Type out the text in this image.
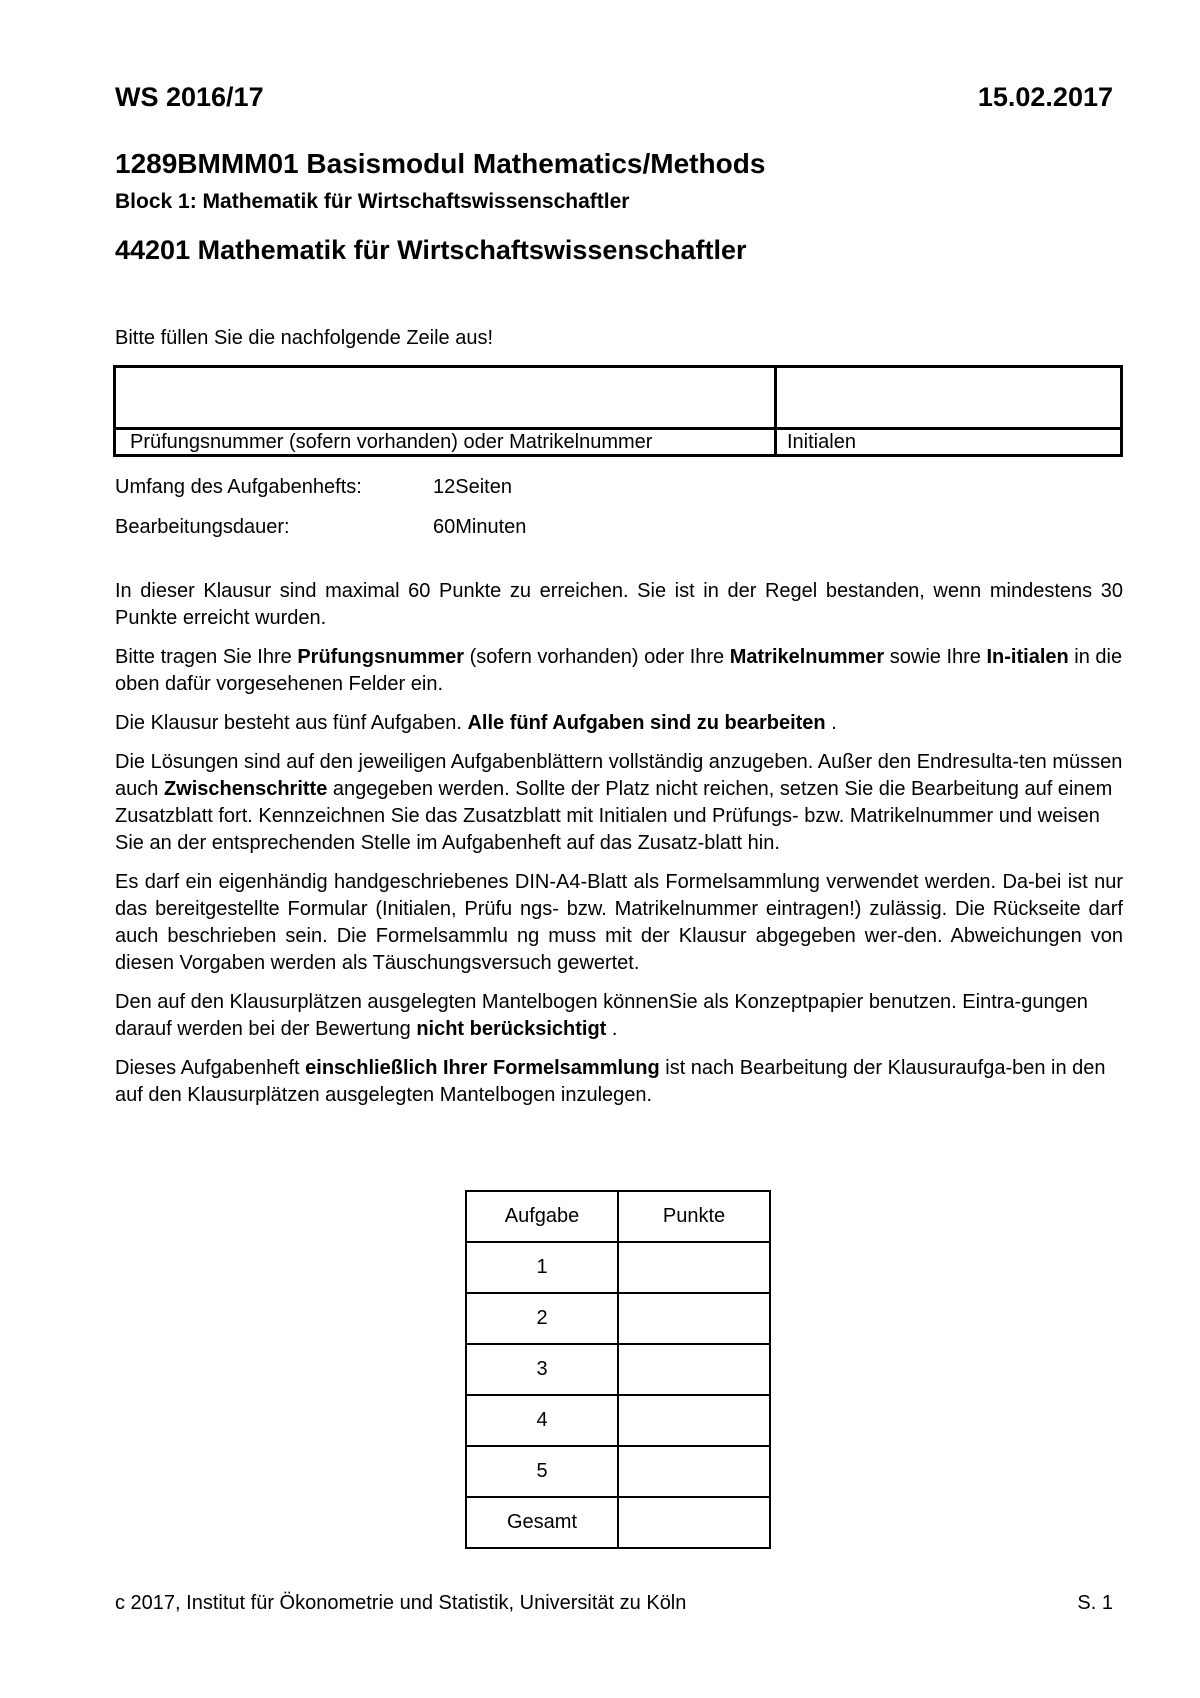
WS 2016/17	15.02.2017
1289BMMM01 Basismodul Mathematics/Methods
Block 1: Mathematik für Wirtschaftswissenschaftler
44201 Mathematik für Wirtschaftswissenschaftler
Bitte füllen Sie die nachfolgende Zeile aus!
Prüfungsnummer (sofern vorhanden) oder Matrikelnummer	Initialen
Umfang des Aufgabenhefts:	12Seiten
Bearbeitungsdauer:	60Minuten

In dieser Klausur sind maximal 60 Punkte zu erreichen. Sie ist in der Regel bestanden, wenn mindestens 30 Punkte erreicht wurden.

Bitte tragen Sie Ihre Prüfungsnummer (sofern vorhanden) oder Ihre Matrikelnummer sowie Ihre In-itialen in die oben dafür vorgesehenen Felder ein.

Die Klausur besteht aus fünf Aufgaben. Alle fünf Aufgaben sind zu bearbeiten .

Die Lösungen sind auf den jeweiligen Aufgabenblättern vollständig anzugeben. Außer den Endresulta-ten müssen auch Zwischenschritte angegeben werden. Sollte der Platz nicht reichen, setzen Sie die Bearbeitung auf einem Zusatzblatt fort. Kennzeichnen Sie das Zusatzblatt mit Initialen und Prüfungs- bzw. Matrikelnummer und weisen Sie an der entsprechenden Stelle im Aufgabenheft auf das Zusatz-blatt hin.

Es darf ein eigenhändig handgeschriebenes DIN-A4-Blatt als Formelsammlung verwendet werden. Da-bei ist nur das bereitgestellte Formular (Initialen, Prüfu ngs- bzw. Matrikelnummer eintragen!) zulässig. Die Rückseite darf auch beschrieben sein. Die Formelsammlu ng muss mit der Klausur abgegeben wer-den. Abweichungen von diesen Vorgaben werden als Täuschungsversuch gewertet.

Den auf den Klausurplätzen ausgelegten Mantelbogen könnenSie als Konzeptpapier benutzen. Eintra-gungen darauf werden bei der Bewertung nicht berücksichtigt .

Dieses Aufgabenheft einschließlich Ihrer Formelsammlung ist nach Bearbeitung der Klausuraufga-ben in den auf den Klausurplätzen ausgelegten Mantelbogen inzulegen.

Aufgabe	Punkte
1	
2	
3	
4	
5	
Gesamt	
c 2017, Institut für Ökonometrie und Statistik, Universität zu Köln	S. 1
